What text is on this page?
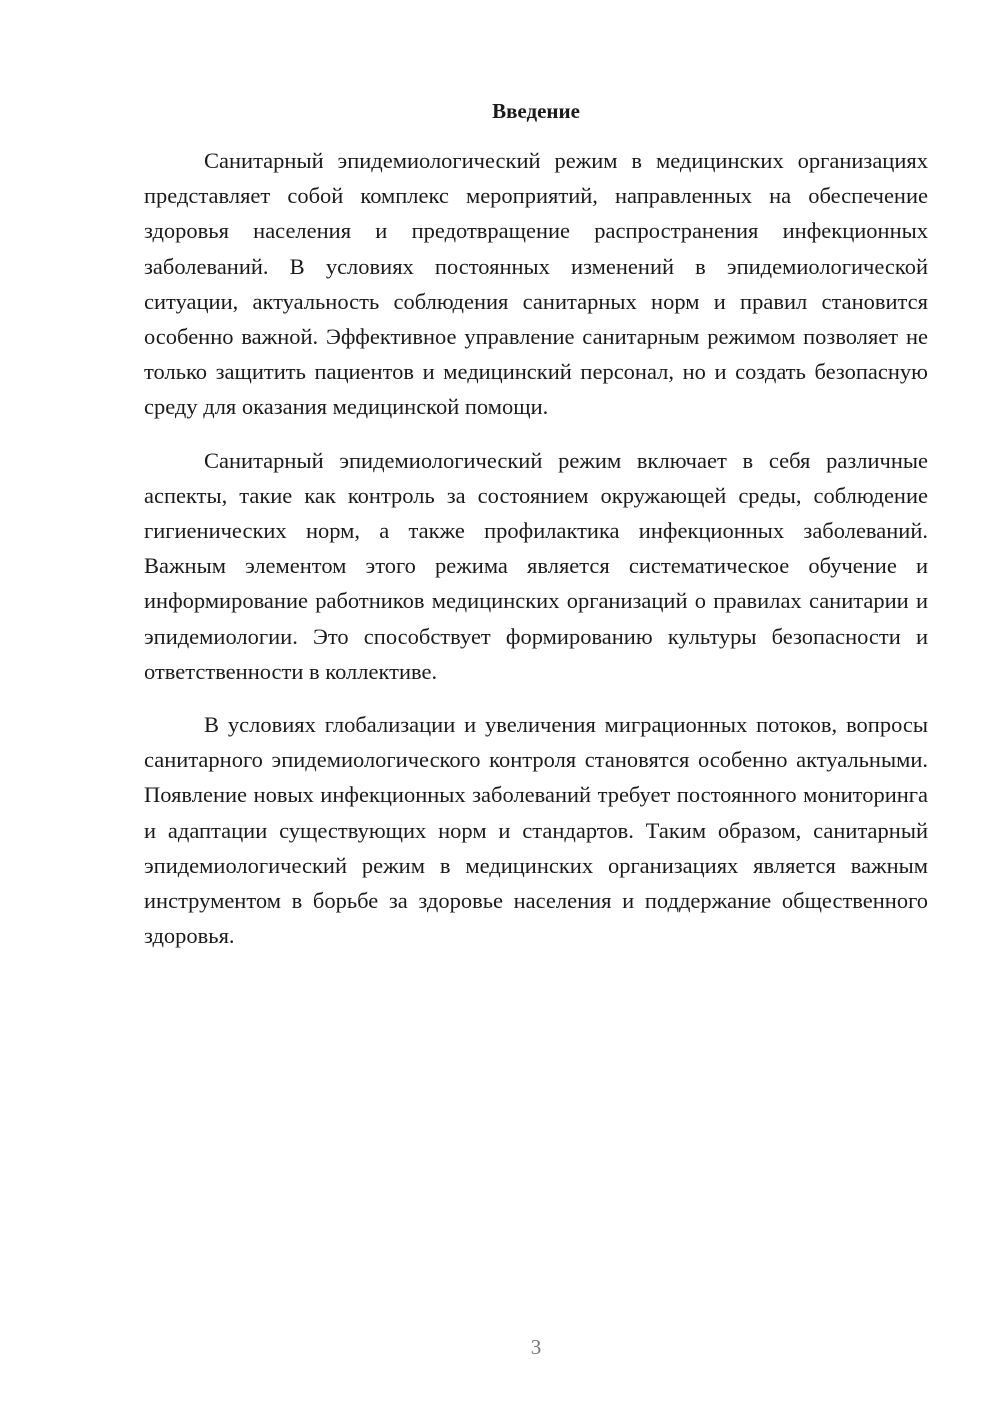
Введение

Санитарный эпидемиологический режим в медицинских организациях представляет собой комплекс мероприятий, направленных на обеспечение здоровья населения и предотвращение распространения инфекционных заболеваний. В условиях постоянных изменений в эпидемиологической ситуации, актуальность соблюдения санитарных норм и правил становится особенно важной. Эффективное управление санитарным режимом позволяет не только защитить пациентов и медицинский персонал, но и создать безопасную среду для оказания медицинской помощи.

Санитарный эпидемиологический режим включает в себя различные аспекты, такие как контроль за состоянием окружающей среды, соблюдение гигиенических норм, а также профилактика инфекционных заболеваний. Важным элементом этого режима является систематическое обучение и информирование работников медицинских организаций о правилах санитарии и эпидемиологии. Это способствует формированию культуры безопасности и ответственности в коллективе.

В условиях глобализации и увеличения миграционных потоков, вопросы санитарного эпидемиологического контроля становятся особенно актуальными. Появление новых инфекционных заболеваний требует постоянного мониторинга и адаптации существующих норм и стандартов. Таким образом, санитарный эпидемиологический режим в медицинских организациях является важным инструментом в борьбе за здоровье населения и поддержание общественного здоровья.

3
